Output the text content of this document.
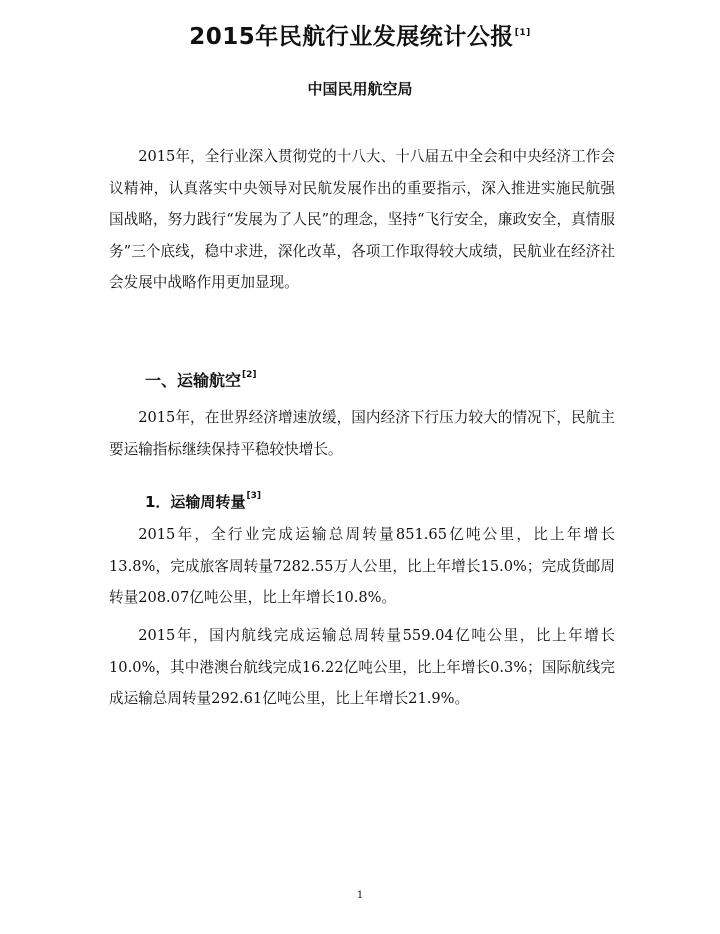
2015年民航行业发展统计公报[1]
中国民用航空局

2015年，全行业深入贯彻党的十八大、十八届五中全会和中央经济工作会议精神，认真落实中央领导对民航发展作出的重要指示，深入推进实施民航强国战略，努力践行“发展为了人民”的理念，坚持“飞行安全，廉政安全，真情服务”三个底线，稳中求进，深化改革，各项工作取得较大成绩，民航业在经济社会发展中战略作用更加显现。

一、运输航空[2]

2015年，在世界经济增速放缓，国内经济下行压力较大的情况下，民航主要运输指标继续保持平稳较快增长。

1．运输周转量[3]

2015年，全行业完成运输总周转量851.65亿吨公里，比上年增长13.8%，完成旅客周转量7282.55万人公里，比上年增长15.0%；完成货邮周转量208.07亿吨公里，比上年增长10.8%。

2015年，国内航线完成运输总周转量559.04亿吨公里，比上年增长10.0%，其中港澳台航线完成16.22亿吨公里，比上年增长0.3%；国际航线完成运输总周转量292.61亿吨公里，比上年增长21.9%。

1
